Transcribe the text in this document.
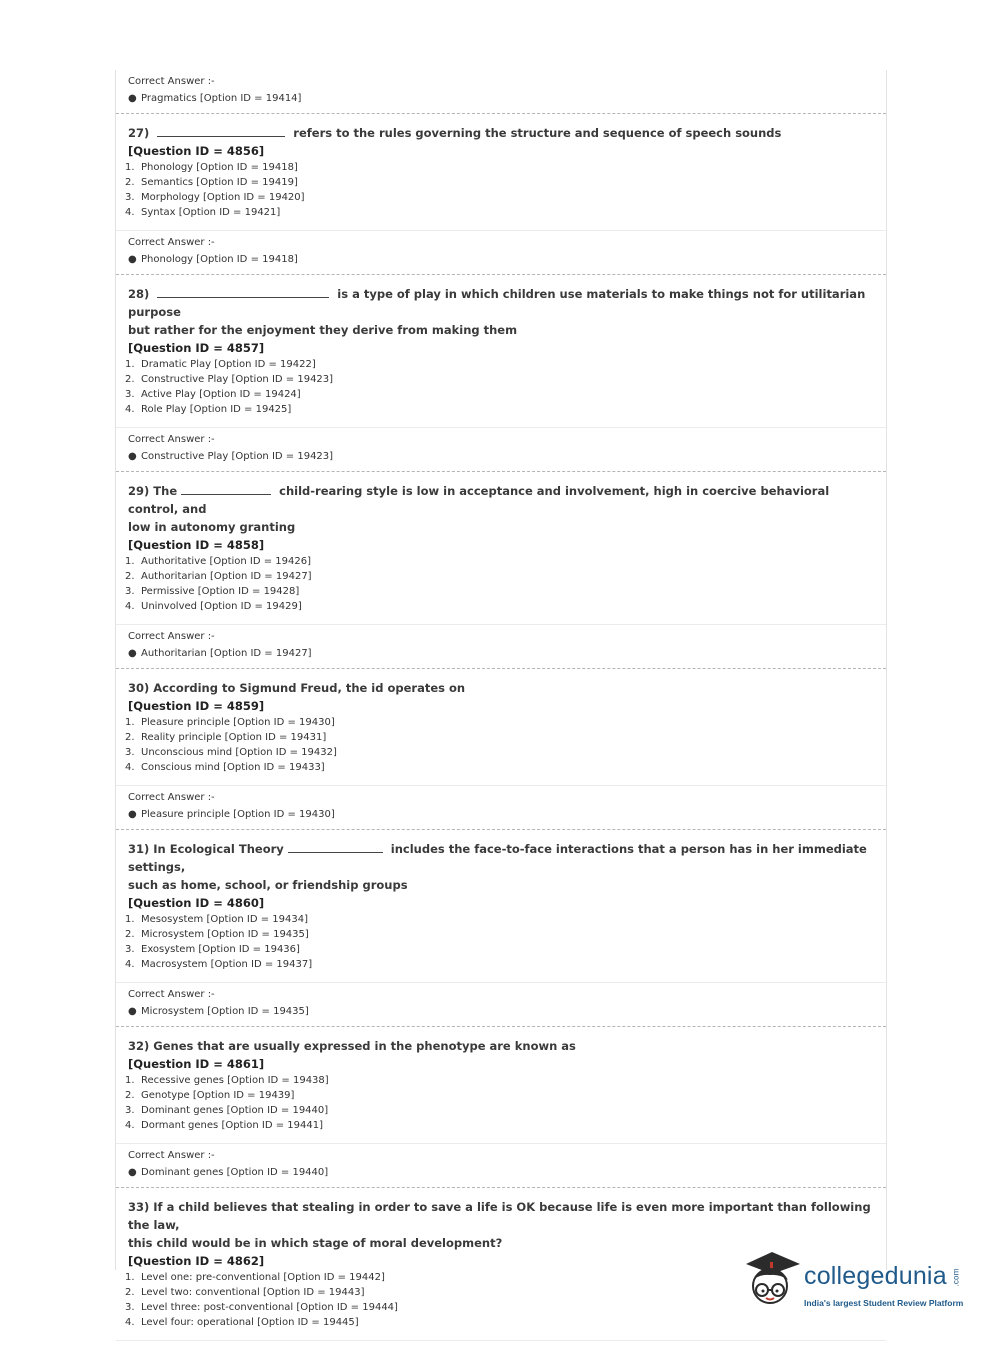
Correct Answer :-
● Pragmatics [Option ID = 19414]
27)	refers to the rules governing the structure and sequence of speech sounds
[Question ID = 4856]
1. Phonology [Option ID = 19418]
2. Semantics [Option ID = 19419]
3. Morphology [Option ID = 19420]
4. Syntax [Option ID = 19421]
Correct Answer :-
● Phonology [Option ID = 19418]
28)	is a type of play in which children use materials to make things not for utilitarian purpose
but rather for the enjoyment they derive from making them
[Question ID = 4857]
1. Dramatic Play [Option ID = 19422]
2. Constructive Play [Option ID = 19423]
3. Active Play [Option ID = 19424]
4. Role Play [Option ID = 19425]
Correct Answer :-
● Constructive Play [Option ID = 19423]
29) The	child-rearing style is low in acceptance and involvement, high in coercive behavioral control, and
low in autonomy granting
[Question ID = 4858]
1. Authoritative [Option ID = 19426]
2. Authoritarian [Option ID = 19427]
3. Permissive [Option ID = 19428]
4. Uninvolved [Option ID = 19429]
Correct Answer :-
● Authoritarian [Option ID = 19427]
30) According to Sigmund Freud, the id operates on
[Question ID = 4859]
1. Pleasure principle [Option ID = 19430]
2. Reality principle [Option ID = 19431]
3. Unconscious mind [Option ID = 19432]
4. Conscious mind [Option ID = 19433]
Correct Answer :-
● Pleasure principle [Option ID = 19430]
31) In Ecological Theory	includes the face-to-face interactions that a person has in her immediate settings,
such as home, school, or friendship groups
[Question ID = 4860]
1. Mesosystem [Option ID = 19434]
2. Microsystem [Option ID = 19435]
3. Exosystem [Option ID = 19436]
4. Macrosystem [Option ID = 19437]
Correct Answer :-
● Microsystem [Option ID = 19435]
32) Genes that are usually expressed in the phenotype are known as
[Question ID = 4861]
1. Recessive genes [Option ID = 19438]
2. Genotype [Option ID = 19439]
3. Dominant genes [Option ID = 19440]
4. Dormant genes [Option ID = 19441]
Correct Answer :-
● Dominant genes [Option ID = 19440]
33) If a child believes that stealing in order to save a life is OK because life is even more important than following the law,
this child would be in which stage of moral development?
[Question ID = 4862]
1. Level one: pre-conventional [Option ID = 19442]
2. Level two: conventional [Option ID = 19443]
3. Level three: post-conventional [Option ID = 19444]
4. Level four: operational [Option ID = 19445]
collegedunia .com
India's largest Student Review Platform
